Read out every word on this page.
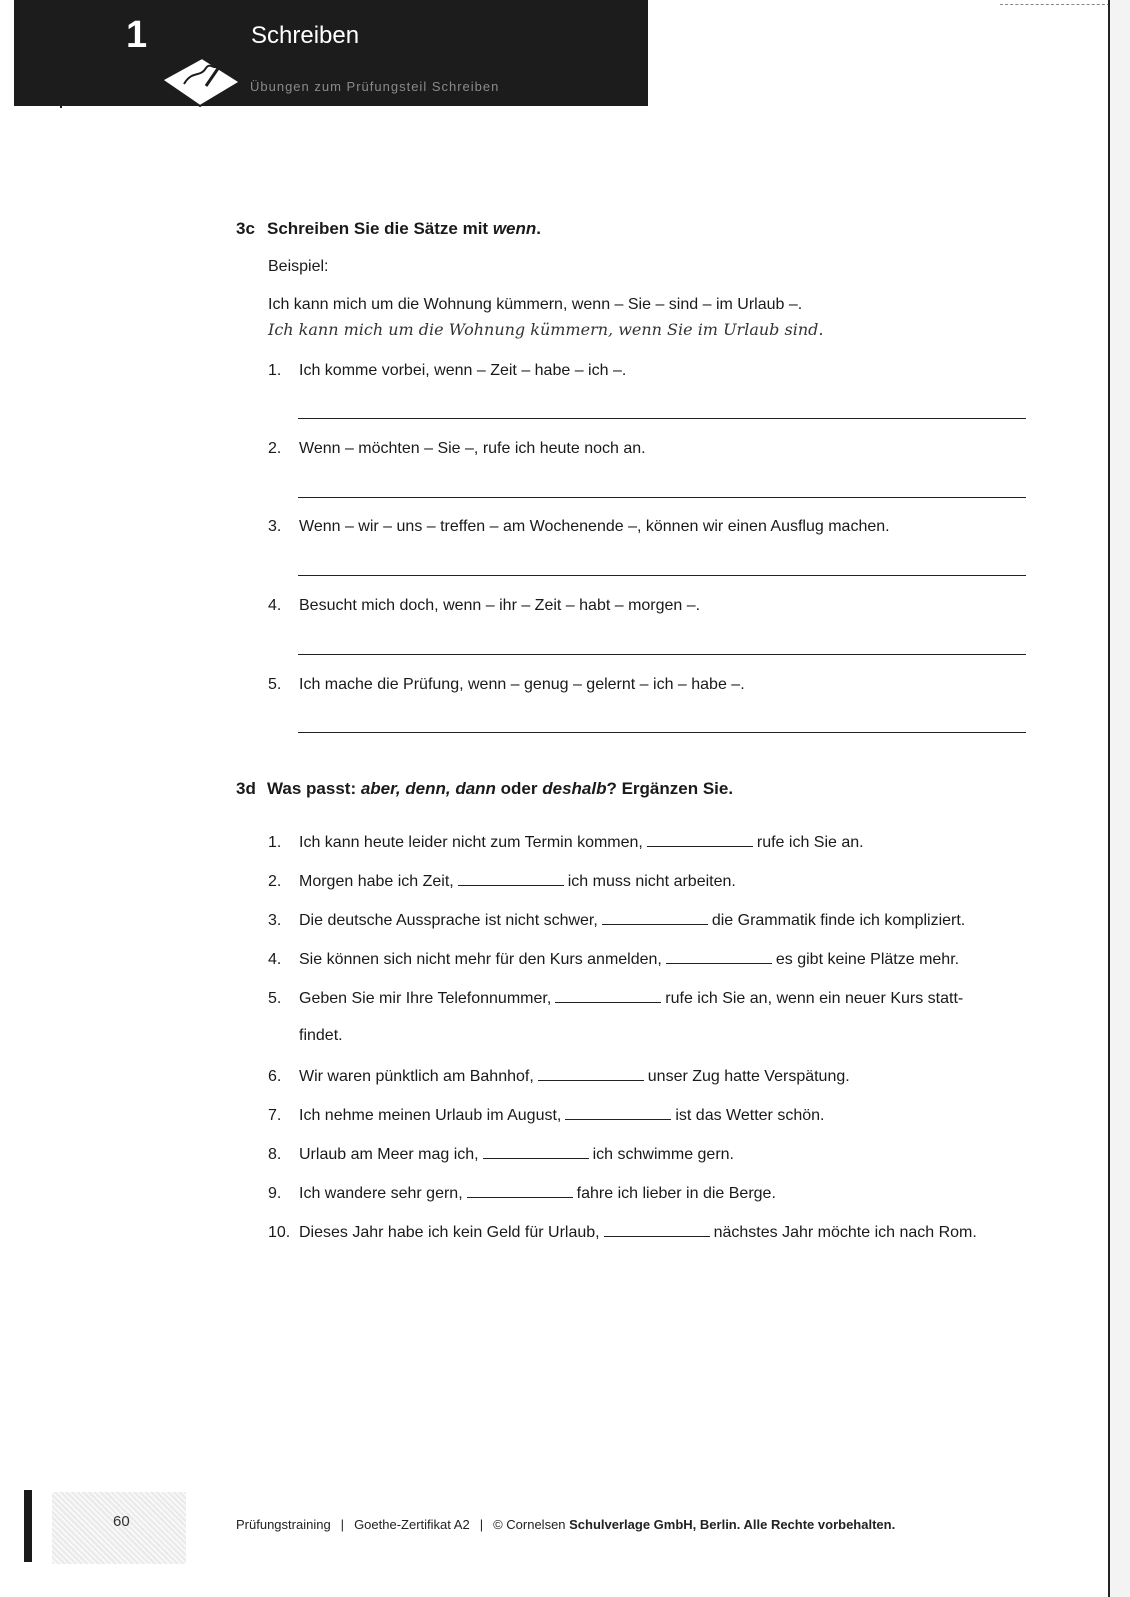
1	Schreiben
Übungen zum Prüfungsteil Schreiben
3c Schreiben Sie die Sätze mit wenn.
Beispiel:
Ich kann mich um die Wohnung kümmern, wenn – Sie – sind – im Urlaub –.
Ich kann mich um die Wohnung kümmern, wenn Sie im Urlaub sind.
1. Ich komme vorbei, wenn – Zeit – habe – ich –.
2. Wenn – möchten – Sie –, rufe ich heute noch an.
3. Wenn – wir – uns – treffen – am Wochenende –, können wir einen Ausflug machen.
4. Besucht mich doch, wenn – ihr – Zeit – habt – morgen –.
5. Ich mache die Prüfung, wenn – genug – gelernt – ich – habe –.
3d Was passt: aber, denn, dann oder deshalb? Ergänzen Sie.
1. Ich kann heute leider nicht zum Termin kommen,	rufe ich Sie an.
2. Morgen habe ich Zeit,	ich muss nicht arbeiten.
3. Die deutsche Aussprache ist nicht schwer,	die Grammatik finde ich kompliziert.
4. Sie können sich nicht mehr für den Kurs anmelden,	es gibt keine Plätze mehr.
5. Geben Sie mir Ihre Telefonnummer,	rufe ich Sie an, wenn ein neuer Kurs statt-
findet.
6. Wir waren pünktlich am Bahnhof,	unser Zug hatte Verspätung.
7. Ich nehme meinen Urlaub im August,	ist das Wetter schön.
8. Urlaub am Meer mag ich,	ich schwimme gern.
9. Ich wandere sehr gern,	fahre ich lieber in die Berge.
10. Dieses Jahr habe ich kein Geld für Urlaub,	nächstes Jahr möchte ich nach Rom.
60	Prüfungstraining | Goethe-Zertifikat A2 | © Cornelsen Schulverlage GmbH, Berlin. Alle Rechte vorbehalten.
